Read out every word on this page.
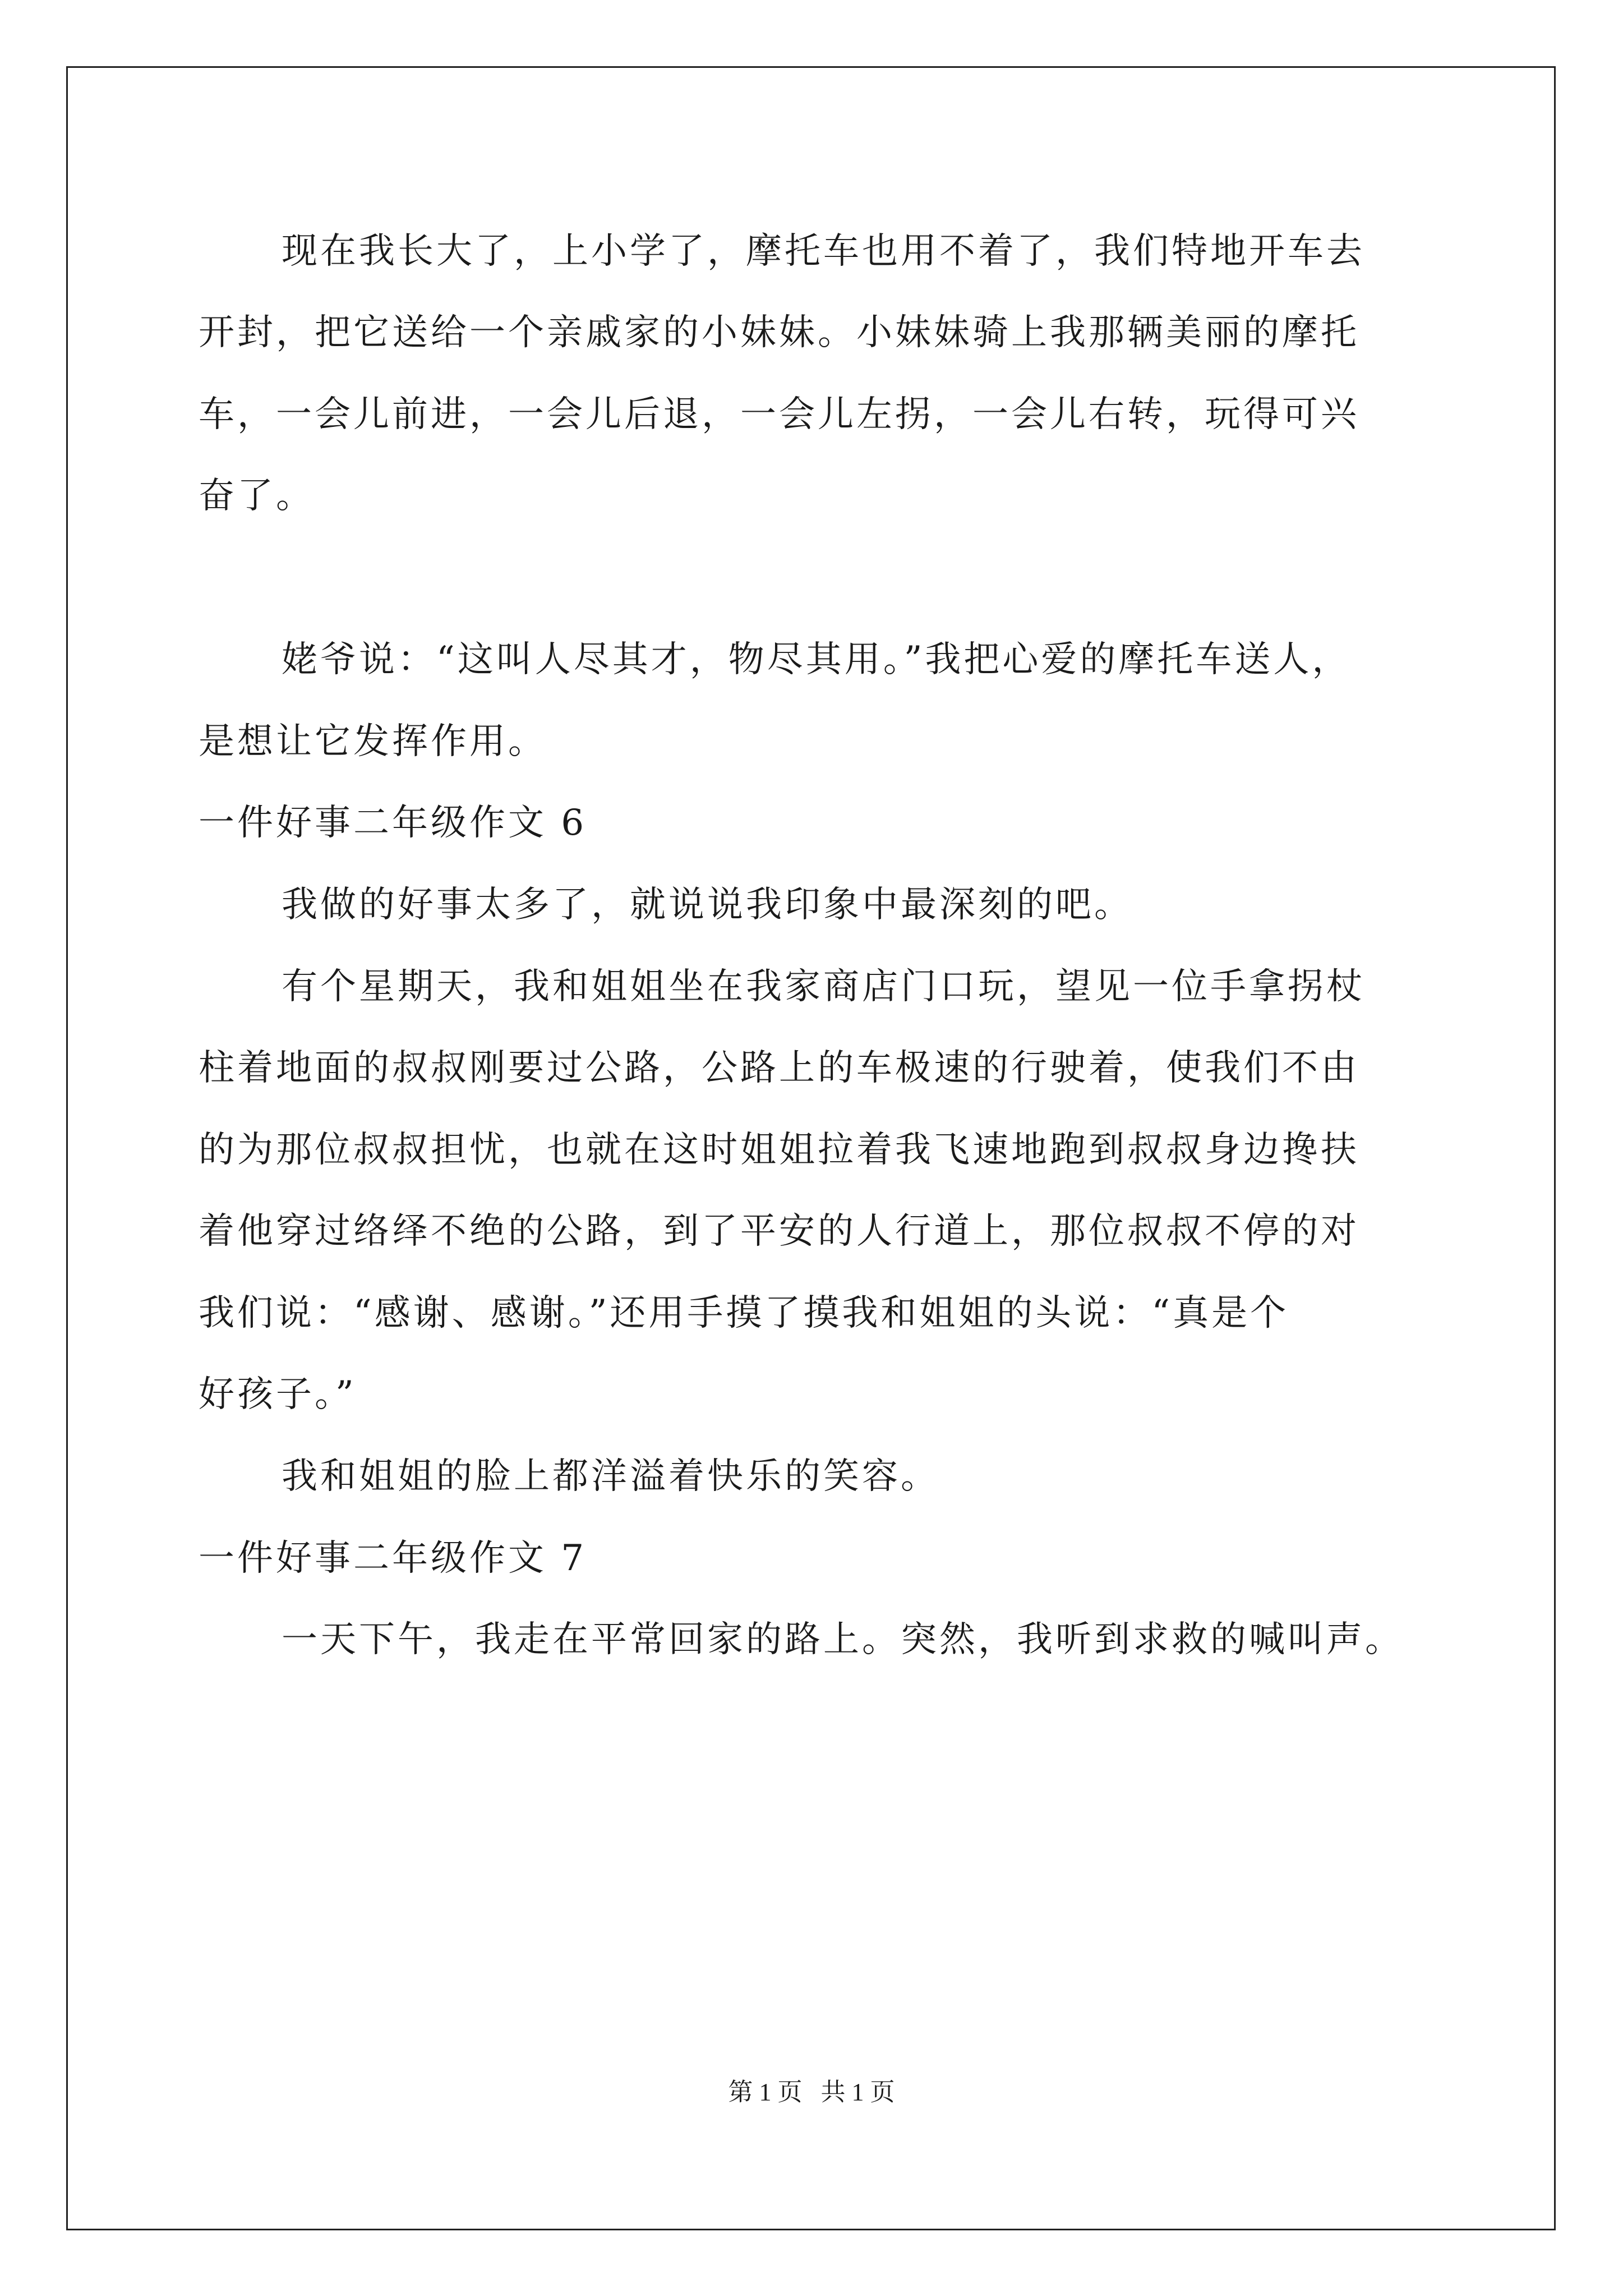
现在我长大了，上小学了，摩托车也用不着了，我们特地开车去
开封，把它送给一个亲戚家的小妹妹。小妹妹骑上我那辆美丽的摩托
车，一会儿前进，一会儿后退，一会儿左拐，一会儿右转，玩得可兴
奋了。
姥爷说：“这叫人尽其才，物尽其用。”我把心爱的摩托车送人，
是想让它发挥作用。
一件好事二年级作文 6
我做的好事太多了，就说说我印象中最深刻的吧。
有个星期天，我和姐姐坐在我家商店门口玩，望见一位手拿拐杖
柱着地面的叔叔刚要过公路，公路上的车极速的行驶着，使我们不由
的为那位叔叔担忧，也就在这时姐姐拉着我飞速地跑到叔叔身边搀扶
着他穿过络绎不绝的公路，到了平安的人行道上，那位叔叔不停的对
我们说：“感谢、感谢。”还用手摸了摸我和姐姐的头说：“真是个
好孩子。”
我和姐姐的脸上都洋溢着快乐的笑容。
一件好事二年级作文 7
一天下午，我走在平常回家的路上。突然，我听到求救的喊叫声。
第 1 页 共 1 页
